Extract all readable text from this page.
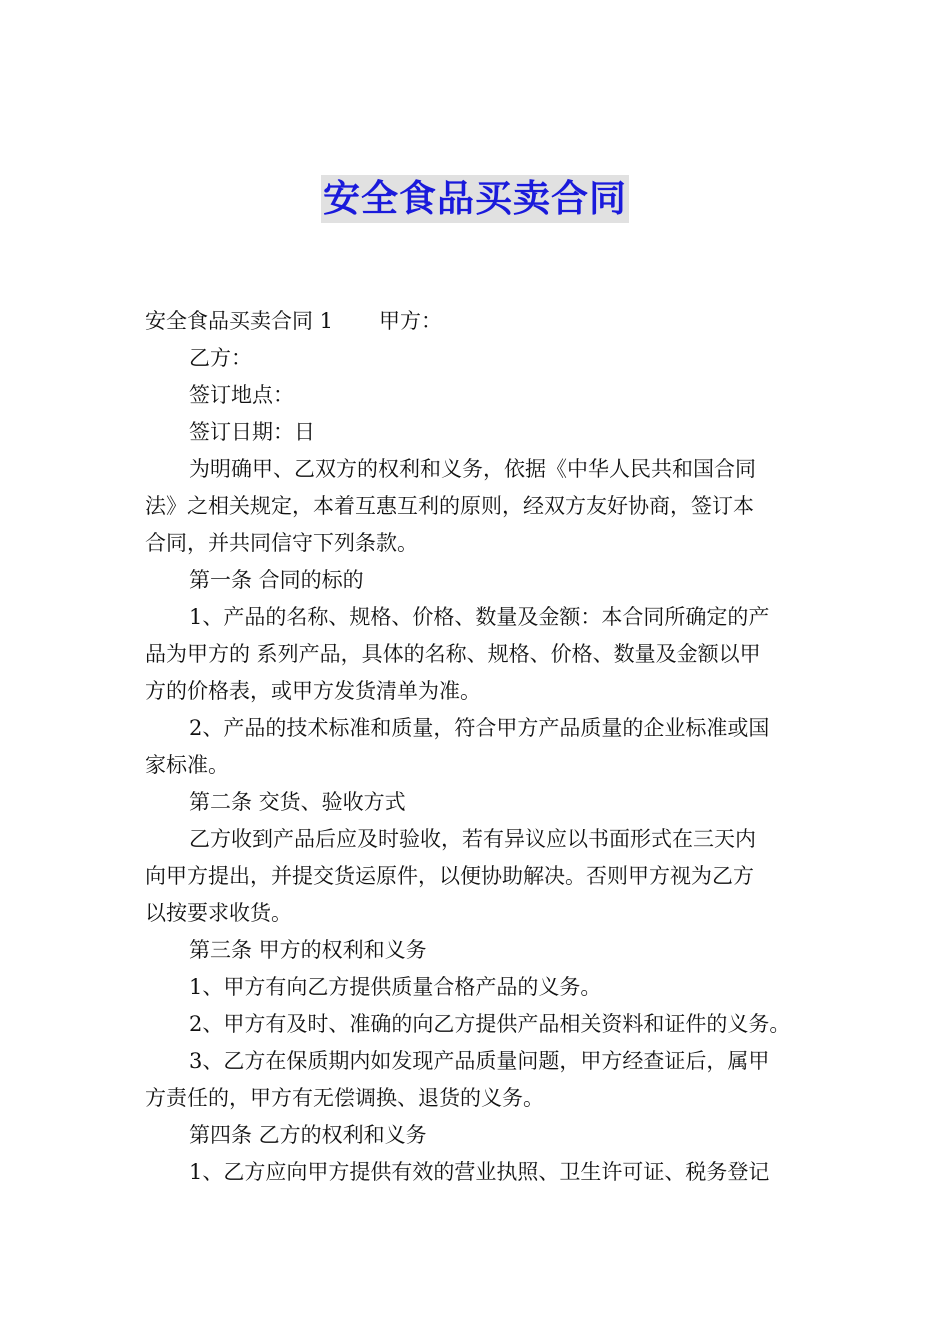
安全食品买卖合同
安全食品买卖合同 1 甲方：
乙方：
签订地点：
签订日期：日
为明确甲、乙双方的权利和义务，依据《中华人民共和国合同
法》之相关规定，本着互惠互利的原则，经双方友好协商，签订本
合同，并共同信守下列条款。
第一条 合同的标的
1、产品的名称、规格、价格、数量及金额：本合同所确定的产
品为甲方的 系列产品，具体的名称、规格、价格、数量及金额以甲
方的价格表，或甲方发货清单为准。
2、产品的技术标准和质量，符合甲方产品质量的企业标准或国
家标准。
第二条 交货、验收方式
乙方收到产品后应及时验收，若有异议应以书面形式在三天内
向甲方提出，并提交货运原件，以便协助解决。否则甲方视为乙方
以按要求收货。
第三条 甲方的权利和义务
1、甲方有向乙方提供质量合格产品的义务。
2、甲方有及时、准确的向乙方提供产品相关资料和证件的义务。
3、乙方在保质期内如发现产品质量问题，甲方经查证后，属甲
方责任的，甲方有无偿调换、退货的义务。
第四条 乙方的权利和义务
1、乙方应向甲方提供有效的营业执照、卫生许可证、税务登记
